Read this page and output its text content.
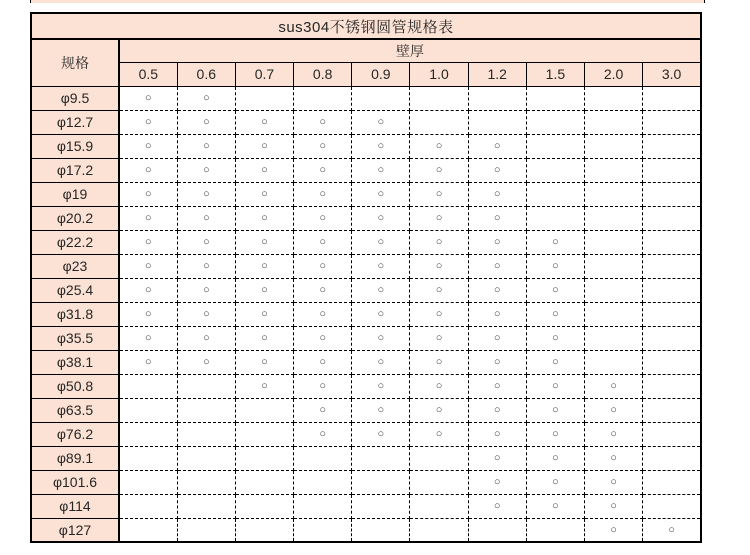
sus304不锈钢圆管规格表										
规格	壁厚									
	0.5	0.6	0.7	0.8	0.9	1.0	1.2	1.5	2.0	3.0
φ9.5	○	○								
φ12.7	○	○	○	○	○					
φ15.9	○	○	○	○	○	○	○			
φ17.2	○	○	○	○	○	○	○			
φ19	○	○	○	○	○	○	○			
φ20.2	○	○	○	○	○	○	○			
φ22.2	○	○	○	○	○	○	○	○		
φ23	○	○	○	○	○	○	○	○		
φ25.4	○	○	○	○	○	○	○	○		
φ31.8	○	○	○	○	○	○	○	○		
φ35.5	○	○	○	○	○	○	○	○		
φ38.1	○	○	○	○	○	○	○	○		
φ50.8			○	○	○	○	○	○	○	
φ63.5				○	○	○	○	○	○	
φ76.2				○	○	○	○	○	○	
φ89.1							○	○	○	
φ101.6							○	○	○	
φ114							○	○	○	
φ127									○	○
